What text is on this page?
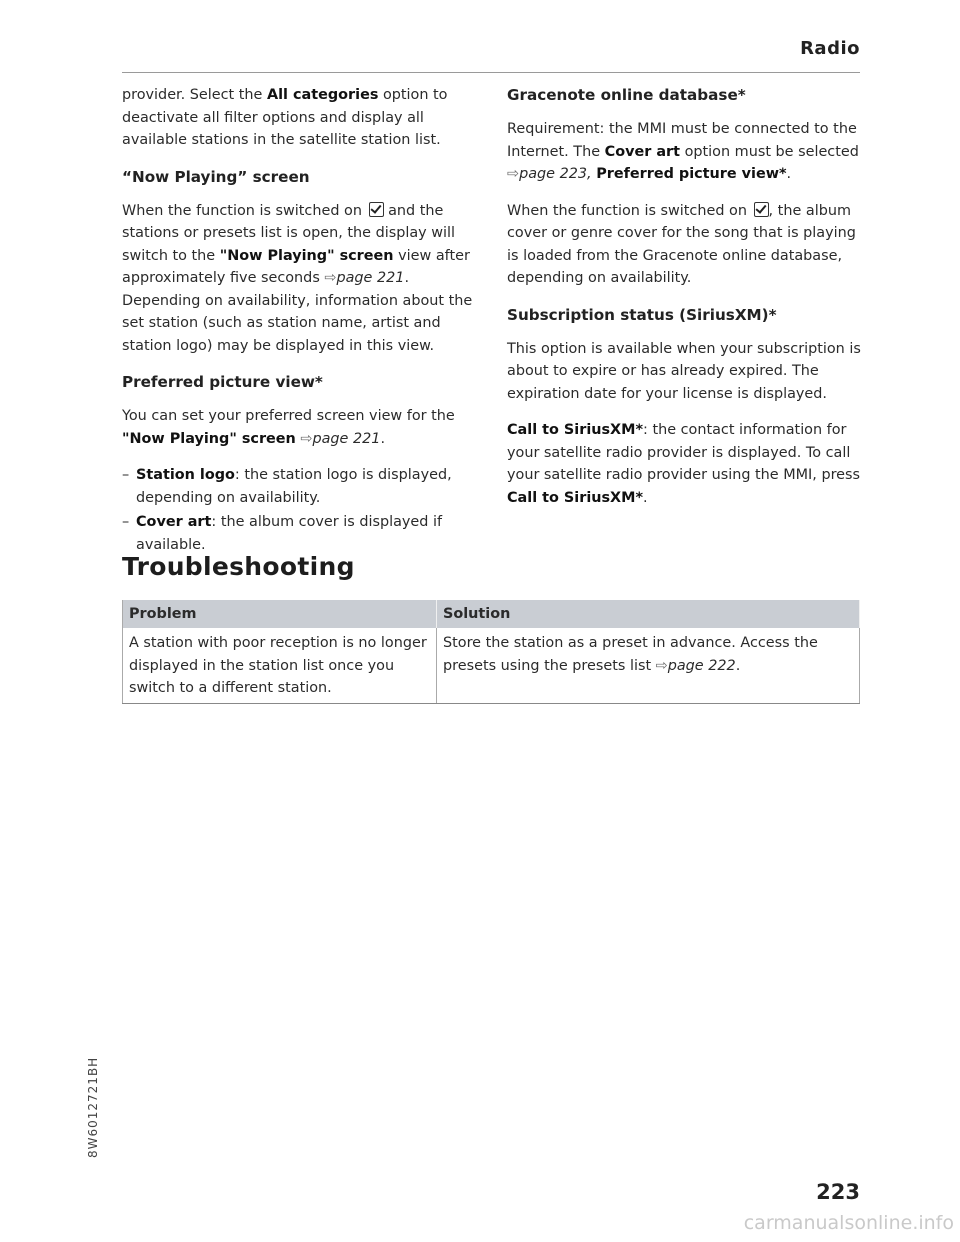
Radio

provider. Select the All categories option to deactivate all filter options and display all available stations in the satellite station list.

“Now Playing” screen

When the function is switched on  and the stations or presets list is open, the display will switch to the "Now Playing" screen view after approximately five seconds ⇨page 221. Depending on availability, information about the set station (such as station name, artist and station logo) may be displayed in this view.

Preferred picture view*

You can set your preferred screen view for the "Now Playing" screen ⇨page 221.

– Station logo: the station logo is displayed, depending on availability.
– Cover art: the album cover is displayed if available.
Gracenote online database*

Requirement: the MMI must be connected to the Internet. The Cover art option must be selected ⇨page 223, Preferred picture view*.

When the function is switched on , the album cover or genre cover for the song that is playing is loaded from the Gracenote online database, depending on availability.

Subscription status (SiriusXM)*

This option is available when your subscription is about to expire or has already expired. The expiration date for your license is displayed.

Call to SiriusXM*: the contact information for your satellite radio provider is displayed. To call your satellite radio provider using the MMI, press Call to SiriusXM*.

Troubleshooting
Problem	Solution
A station with poor reception is no longer displayed in the station list once you switch to a different station.	Store the station as a preset in advance. Access the presets using the presets list ⇨page 222.
8W6012721BH
223
carmanualsonline.info
